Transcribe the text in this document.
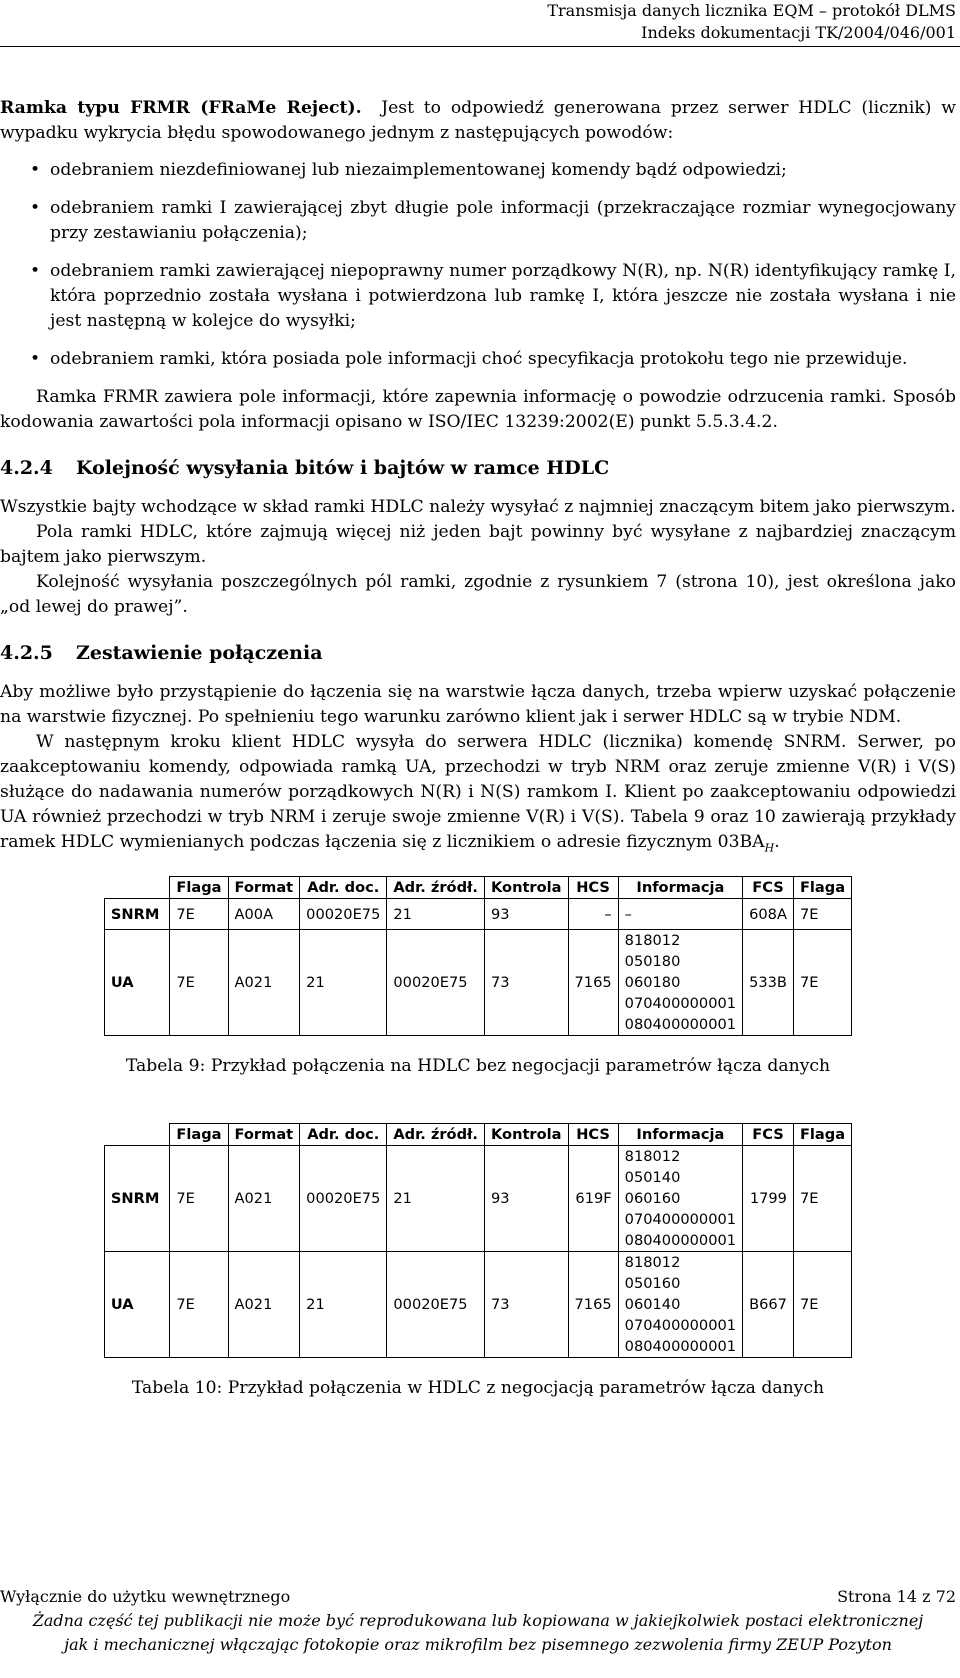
Transmisja danych licznika EQM – protokół DLMS
Indeks dokumentacji TK/2004/046/001

Ramka typu FRMR (FRaMe Reject). Jest to odpowiedź generowana przez serwer HDLC (licznik) w wypadku wykrycia błędu spowodowanego jednym z następujących powodów:

• odebraniem niezdefiniowanej lub niezaimplementowanej komendy bądź odpowiedzi;
• odebraniem ramki I zawierającej zbyt długie pole informacji (przekraczające rozmiar wynegocjowany przy zestawianiu połączenia);
• odebraniem ramki zawierającej niepoprawny numer porządkowy N(R), np. N(R) identyfikujący ramkę I, która poprzednio została wysłana i potwierdzona lub ramkę I, która jeszcze nie została wysłana i nie jest następną w kolejce do wysyłki;
• odebraniem ramki, która posiada pole informacji choć specyfikacja protokołu tego nie przewiduje.

Ramka FRMR zawiera pole informacji, które zapewnia informację o powodzie odrzucenia ramki. Sposób kodowania zawartości pola informacji opisano w ISO/IEC 13239:2002(E) punkt 5.5.3.4.2.

4.2.4 Kolejność wysyłania bitów i bajtów w ramce HDLC

Wszystkie bajty wchodzące w skład ramki HDLC należy wysyłać z najmniej znaczącym bitem jako pierwszym.

Pola ramki HDLC, które zajmują więcej niż jeden bajt powinny być wysyłane z najbardziej znaczącym bajtem jako pierwszym.

Kolejność wysyłania poszczególnych pól ramki, zgodnie z rysunkiem 7 (strona 10), jest określona jako „od lewej do prawej”.

4.2.5 Zestawienie połączenia

Aby możliwe było przystąpienie do łączenia się na warstwie łącza danych, trzeba wpierw uzyskać połączenie na warstwie fizycznej. Po spełnieniu tego warunku zarówno klient jak i serwer HDLC są w trybie NDM.

W następnym kroku klient HDLC wysyła do serwera HDLC (licznika) komendę SNRM. Serwer, po zaakceptowaniu komendy, odpowiada ramką UA, przechodzi w tryb NRM oraz zeruje zmienne V(R) i V(S) służące do nadawania numerów porządkowych N(R) i N(S) ramkom I. Klient po zaakceptowaniu odpowiedzi UA również przechodzi w tryb NRM i zeruje swoje zmienne V(R) i V(S). Tabela 9 oraz 10 zawierają przykłady ramek HDLC wymienianych podczas łączenia się z licznikiem o adresie fizycznym $03BA_H$.

	Flaga	Format	Adr. doc.	Adr. źródł.	Kontrola	HCS	Informacja	FCS	Flaga
SNRM	7E	A00A	00020E75	21	93	–	–	608A	7E
UA	7E	A021	21	00020E75	73	7165	818012
050180
060180
070400000001
080400000001	533B	7E
Tabela 9: Przykład połączenia na HDLC bez negocjacji parametrów łącza danych
	Flaga	Format	Adr. doc.	Adr. źródł.	Kontrola	HCS	Informacja	FCS	Flaga
SNRM	7E	A021	00020E75	21	93	619F	818012
050140
060160
070400000001
080400000001	1799	7E
UA	7E	A021	21	00020E75	73	7165	818012
050160
060140
070400000001
080400000001	B667	7E
Tabela 10: Przykład połączenia w HDLC z negocjacją parametrów łącza danych
Wyłącznie do użytku wewnętrznego	Strona 14 z 72
Żadna część tej publikacji nie może być reprodukowana lub kopiowana w jakiejkolwiek postaci elektronicznej
jak i mechanicznej włączając fotokopie oraz mikrofilm bez pisemnego zezwolenia firmy ZEUP Pozyton
